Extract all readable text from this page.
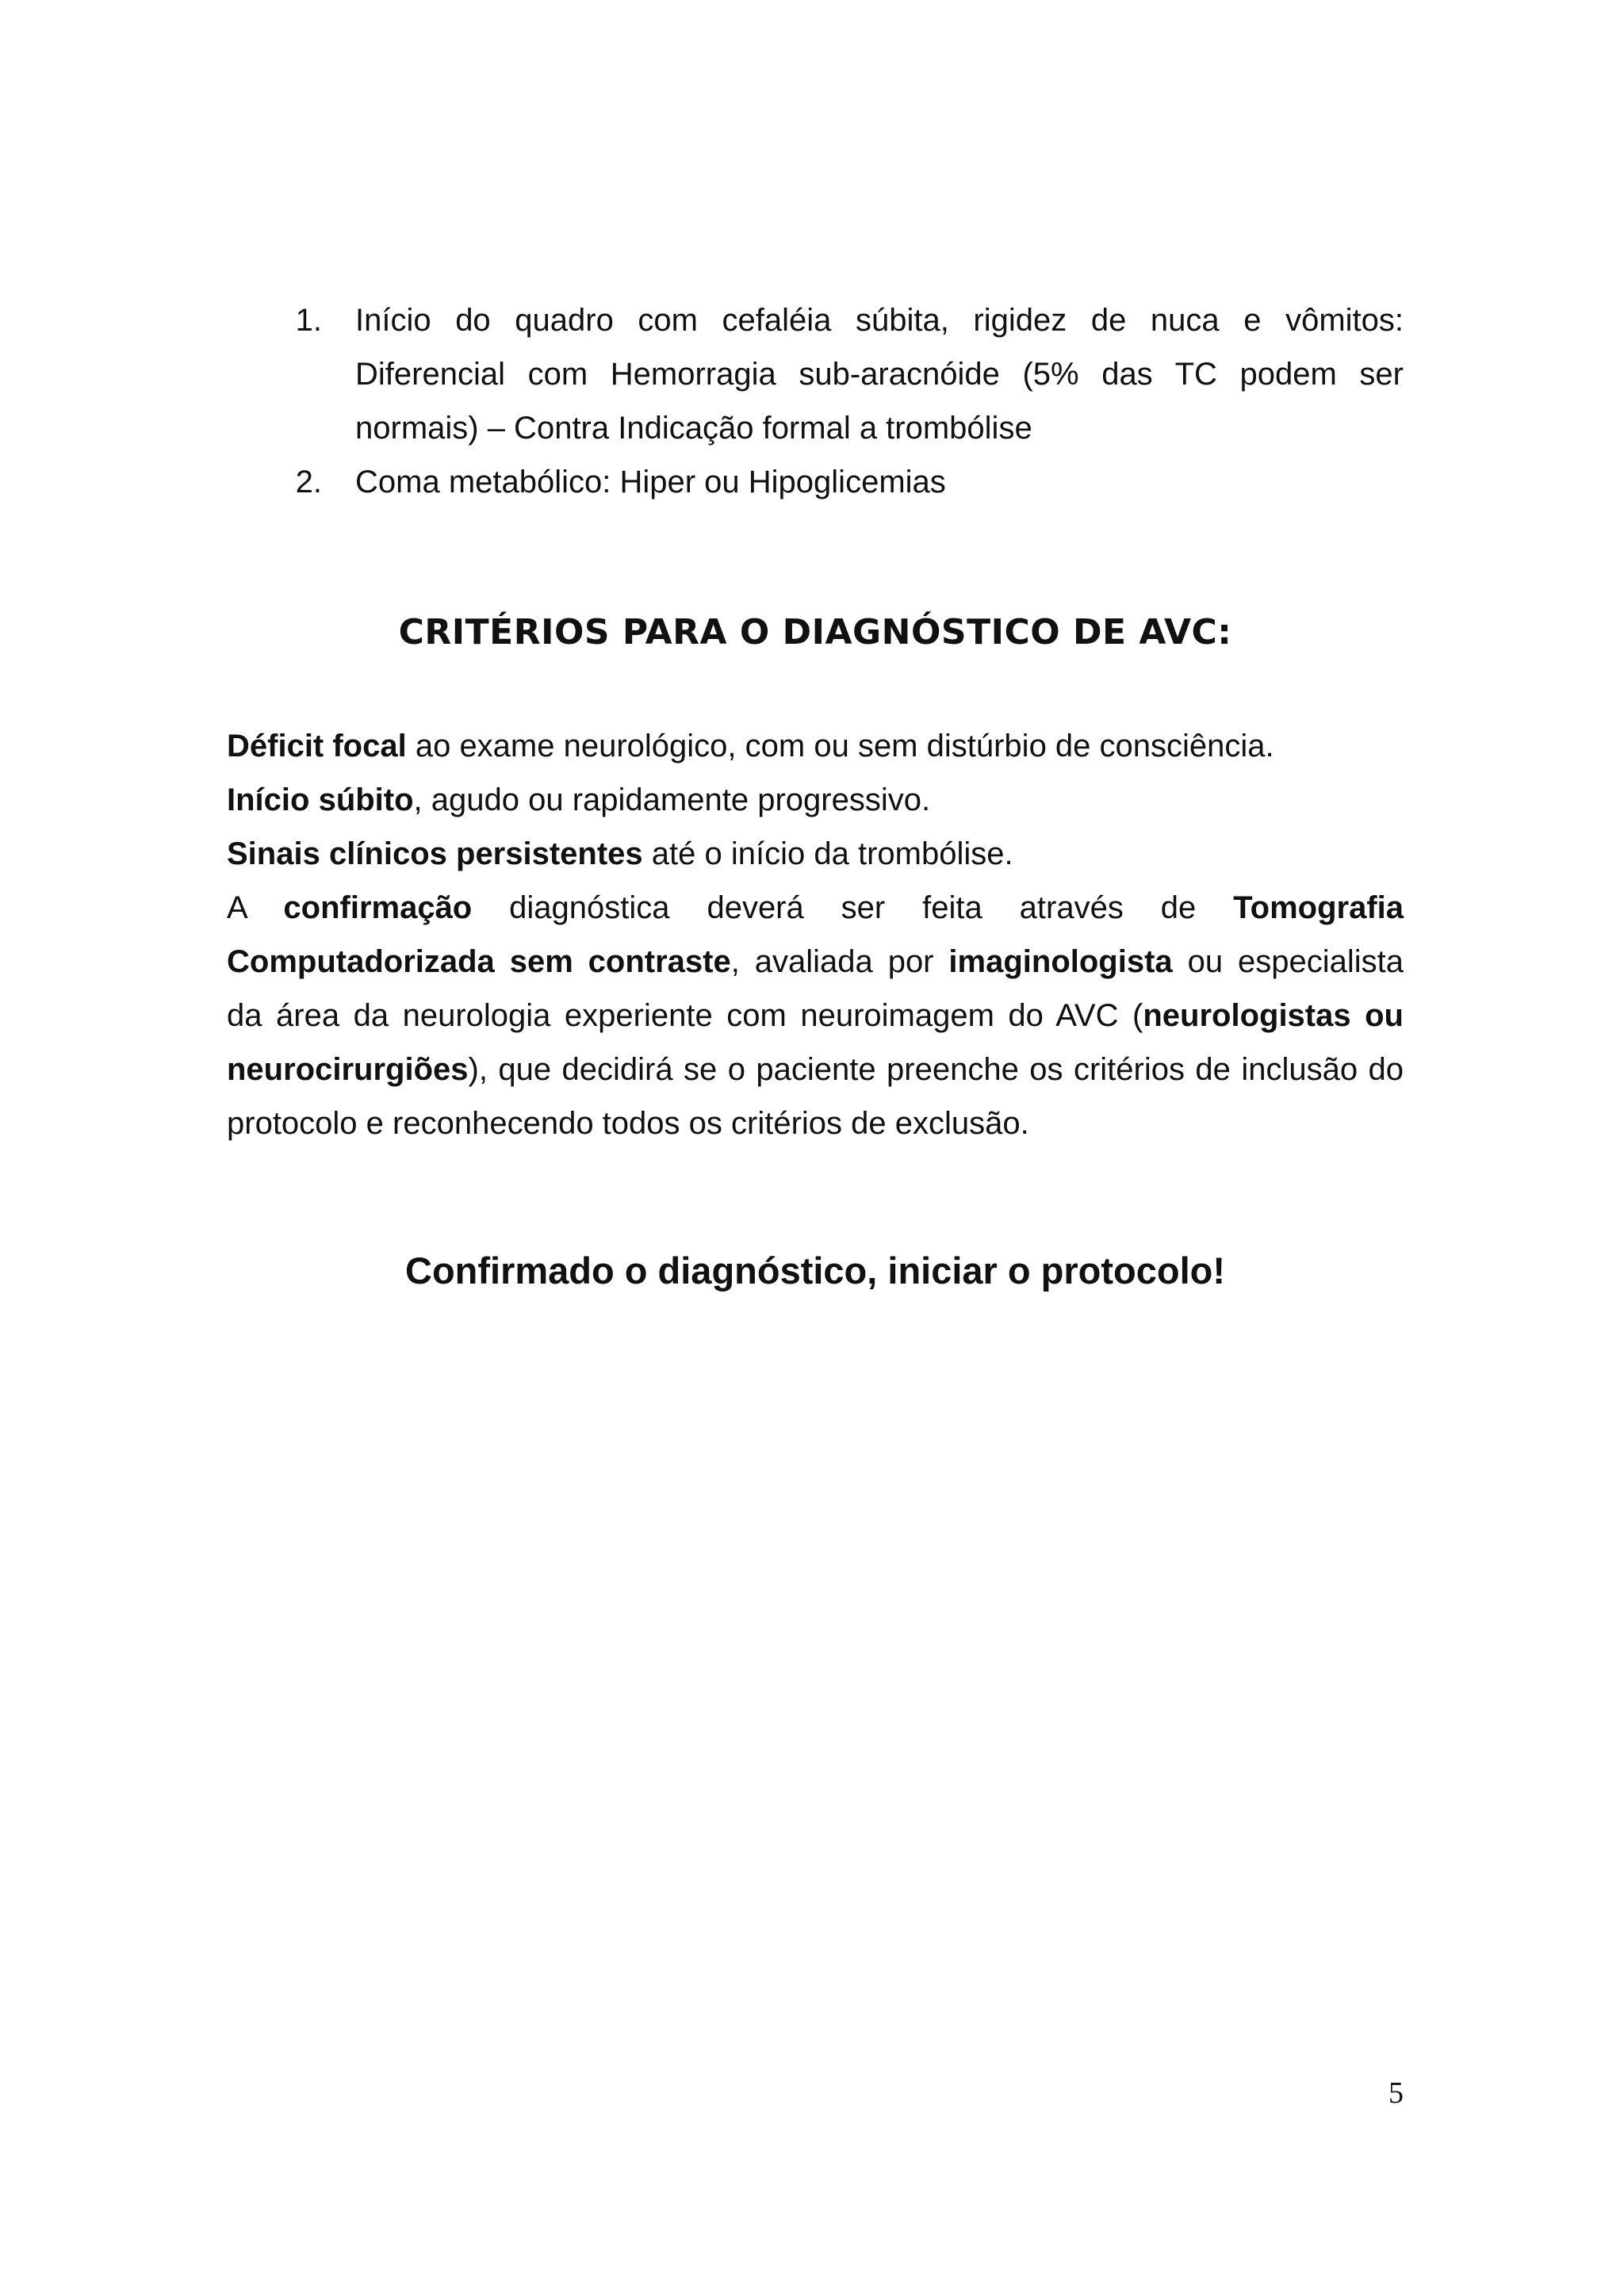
1. Início do quadro com cefaléia súbita, rigidez de nuca e vômitos: Diferencial com Hemorragia sub-aracnóide (5% das TC podem ser normais) – Contra Indicação formal a trombólise
2. Coma metabólico: Hiper ou Hipoglicemias
CRITÉRIOS PARA O DIAGNÓSTICO DE AVC:

Déficit focal ao exame neurológico, com ou sem distúrbio de consciência.

Início súbito, agudo ou rapidamente progressivo.

Sinais clínicos persistentes até o início da trombólise.

A confirmação diagnóstica deverá ser feita através de Tomografia Computadorizada sem contraste, avaliada por imaginologista ou especialista da área da neurologia experiente com neuroimagem do AVC (neurologistas ou neurocirurgiões), que decidirá se o paciente preenche os critérios de inclusão do protocolo e reconhecendo todos os critérios de exclusão.

Confirmado o diagnóstico, iniciar o protocolo!
5
